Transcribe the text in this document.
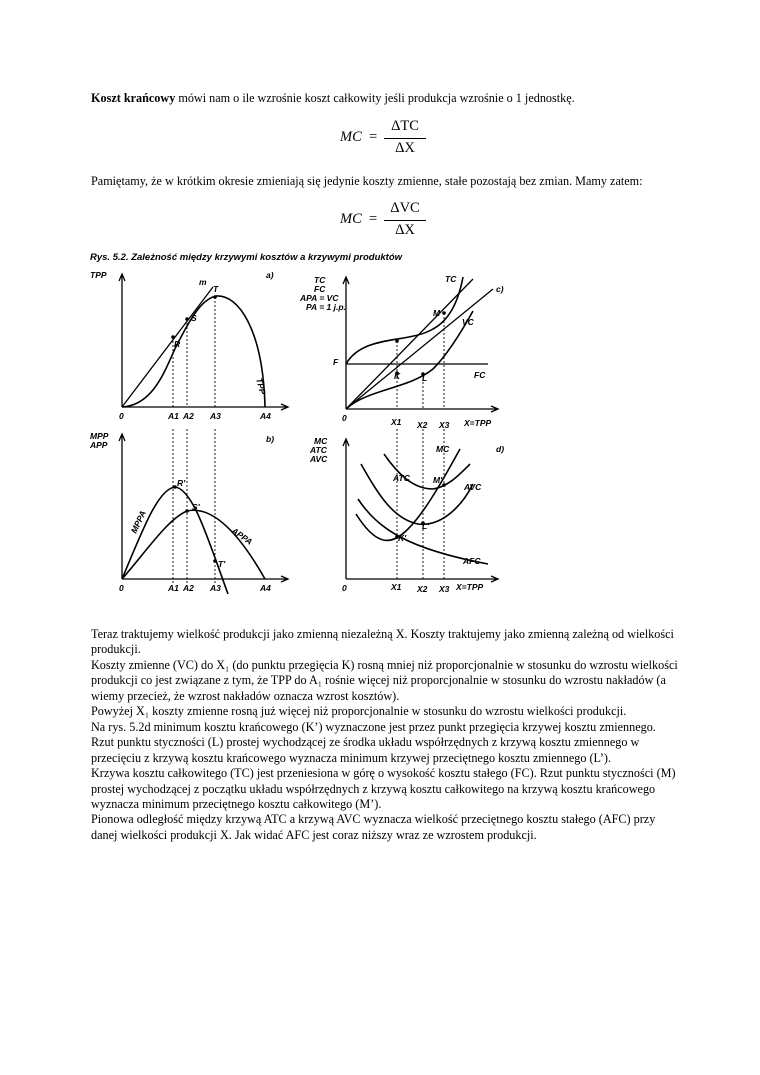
Koszt krańcowy mówi nam o ile wzrośnie koszt całkowity jeśli produkcja wzrośnie o 1 jednostkę.
MC =
ΔTC
ΔX
Pamiętamy, że w krótkim okresie zmieniają się jedynie koszty zmienne, stałe pozostają bez zmian. Mamy zatem:
MC =
ΔVC
ΔX
Rys. 5.2. Zależność między krzywymi kosztów a krzywymi produktów
TPP	a)
m
T
S
R
TPP
0	A1 A2 A3	A4
MPP
APP
b)
R'
S'
T'
MPPA
APPA
0	A1 A2 A3	A4
TC
FC
APA = VC
PA = 1 j.p.
c)
TC
VC
FC
F
K	L
M
0	X1 X2 X3 X=TPP
MC
ATC
AVC
d)
MC
ATC
AVC
AFC
K'
L'
M'
0	X1 X2 X3 X=TPP

Teraz traktujemy wielkość produkcji jako zmienną niezależną X. Koszty traktujemy jako zmienną zależną od wielkości produkcji.

Koszty zmienne (VC) do X₁ (do punktu przegięcia K) rosną mniej niż proporcjonalnie w stosunku do wzrostu wielkości produkcji co jest związane z tym, że TPP do A₁ rośnie więcej niż proporcjonalnie w stosunku do wzrostu nakładów (a wiemy przecież, że wzrost nakładów oznacza wzrost kosztów).

Powyżej X₁ koszty zmienne rosną już więcej niż proporcjonalnie w stosunku do wzrostu wielkości produkcji.

Na rys. 5.2d minimum kosztu krańcowego (K’) wyznaczone jest przez punkt przegięcia krzywej kosztu zmiennego.

Rzut punktu styczności (L) prostej wychodzącej ze środka układu współrzędnych z krzywą kosztu zmiennego w przecięciu z krzywą kosztu krańcowego wyznacza minimum krzywej przeciętnego kosztu zmiennego (L’).

Krzywa kosztu całkowitego (TC) jest przeniesiona w górę o wysokość kosztu stałego (FC). Rzut punktu styczności (M) prostej wychodzącej z początku układu współrzędnych z krzywą kosztu całkowitego na krzywą kosztu krańcowego wyznacza minimum przeciętnego kosztu całkowitego (M’).

Pionowa odległość między krzywą ATC a krzywą AVC wyznacza wielkość przeciętnego kosztu stałego (AFC) przy danej wielkości produkcji X. Jak widać AFC jest coraz niższy wraz ze wzrostem produkcji.
